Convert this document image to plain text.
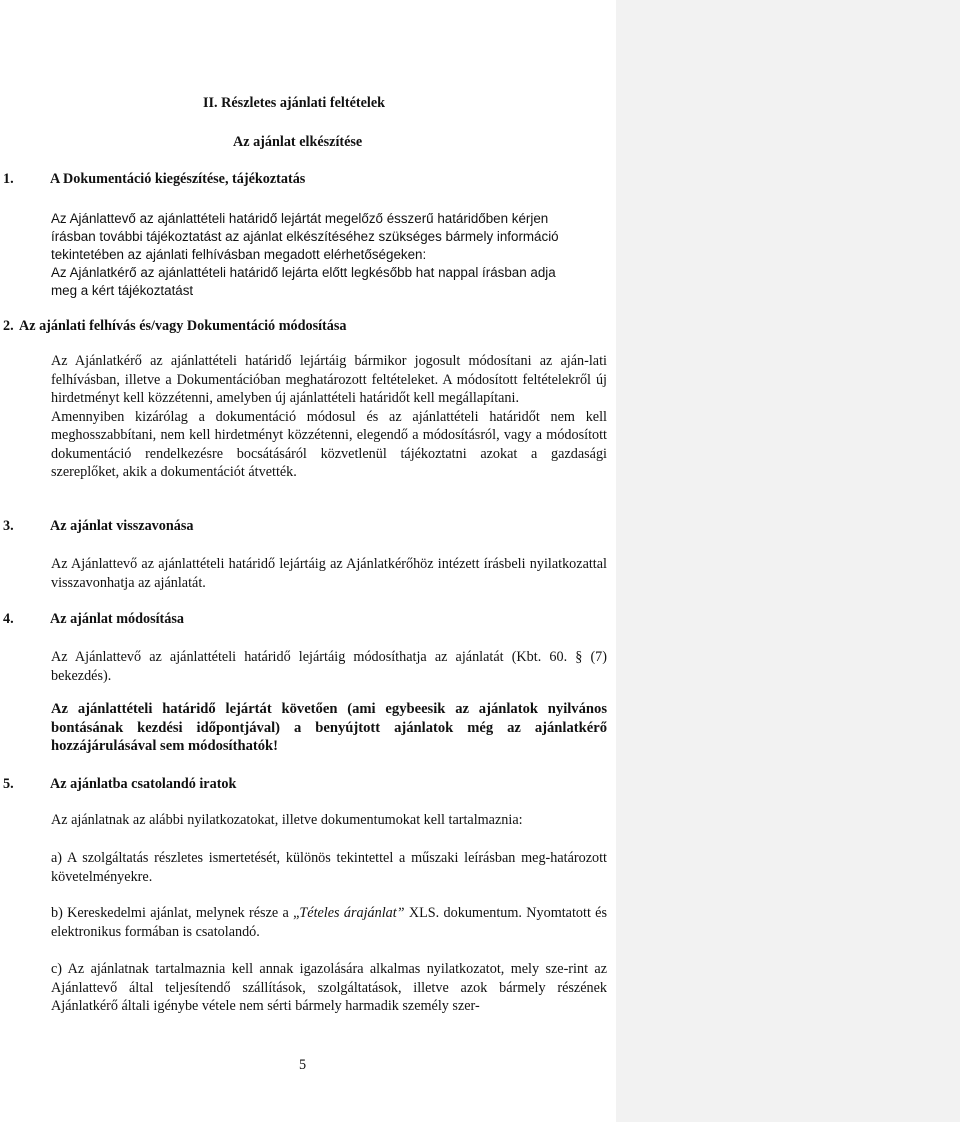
II. Részletes ajánlati feltételek
Az ajánlat elkészítése
1.	A Dokumentáció kiegészítése, tájékoztatás
Az Ajánlattevő az ajánlattételi határidő lejártát megelőző ésszerű határidőben kérjen
írásban további tájékoztatást az ajánlat elkészítéséhez szükséges bármely információ
tekintetében az ajánlati felhívásban megadott elérhetőségeken:
Az Ajánlatkérő az ajánlattételi határidő lejárta előtt legkésőbb hat nappal írásban adja
meg a kért tájékoztatást
2. Az ajánlati felhívás és/vagy Dokumentáció módosítása

Az Ajánlatkérő az ajánlattételi határidő lejártáig bármikor jogosult módosítani az aján-lati felhívásban, illetve a Dokumentációban meghatározott feltételeket. A módosított feltételekről új hirdetményt kell közzétenni, amelyben új ajánlattételi határidőt kell megállapítani.

Amennyiben kizárólag a dokumentáció módosul és az ajánlattételi határidőt nem kell meghosszabbítani, nem kell hirdetményt közzétenni, elegendő a módosításról, vagy a módosított dokumentáció rendelkezésre bocsátásáról közvetlenül tájékoztatni azokat a gazdasági szereplőket, akik a dokumentációt átvették.

3.	Az ajánlat visszavonása

Az Ajánlattevő az ajánlattételi határidő lejártáig az Ajánlatkérőhöz intézett írásbeli nyilatkozattal visszavonhatja az ajánlatát.

4.	Az ajánlat módosítása

Az Ajánlattevő az ajánlattételi határidő lejártáig módosíthatja az ajánlatát (Kbt. 60. § (7) bekezdés).

Az ajánlattételi határidő lejártát követően (ami egybeesik az ajánlatok nyilvános bontásának kezdési időpontjával) a benyújtott ajánlatok még az ajánlatkérő hozzájárulásával sem módosíthatók!

5.	Az ajánlatba csatolandó iratok
Az ajánlatnak az alábbi nyilatkozatokat, illetve dokumentumokat kell tartalmaznia:

a) A szolgáltatás részletes ismertetését, különös tekintettel a műszaki leírásban meg-határozott követelményekre.

b) Kereskedelmi ajánlat, melynek része a „Tételes árajánlat” XLS. dokumentum. Nyomtatott és elektronikus formában is csatolandó.

c) Az ajánlatnak tartalmaznia kell annak igazolására alkalmas nyilatkozatot, mely sze-rint az Ajánlattevő által teljesítendő szállítások, szolgáltatások, illetve azok bármely részének Ajánlatkérő általi igénybe vétele nem sérti bármely harmadik személy szer-

5
